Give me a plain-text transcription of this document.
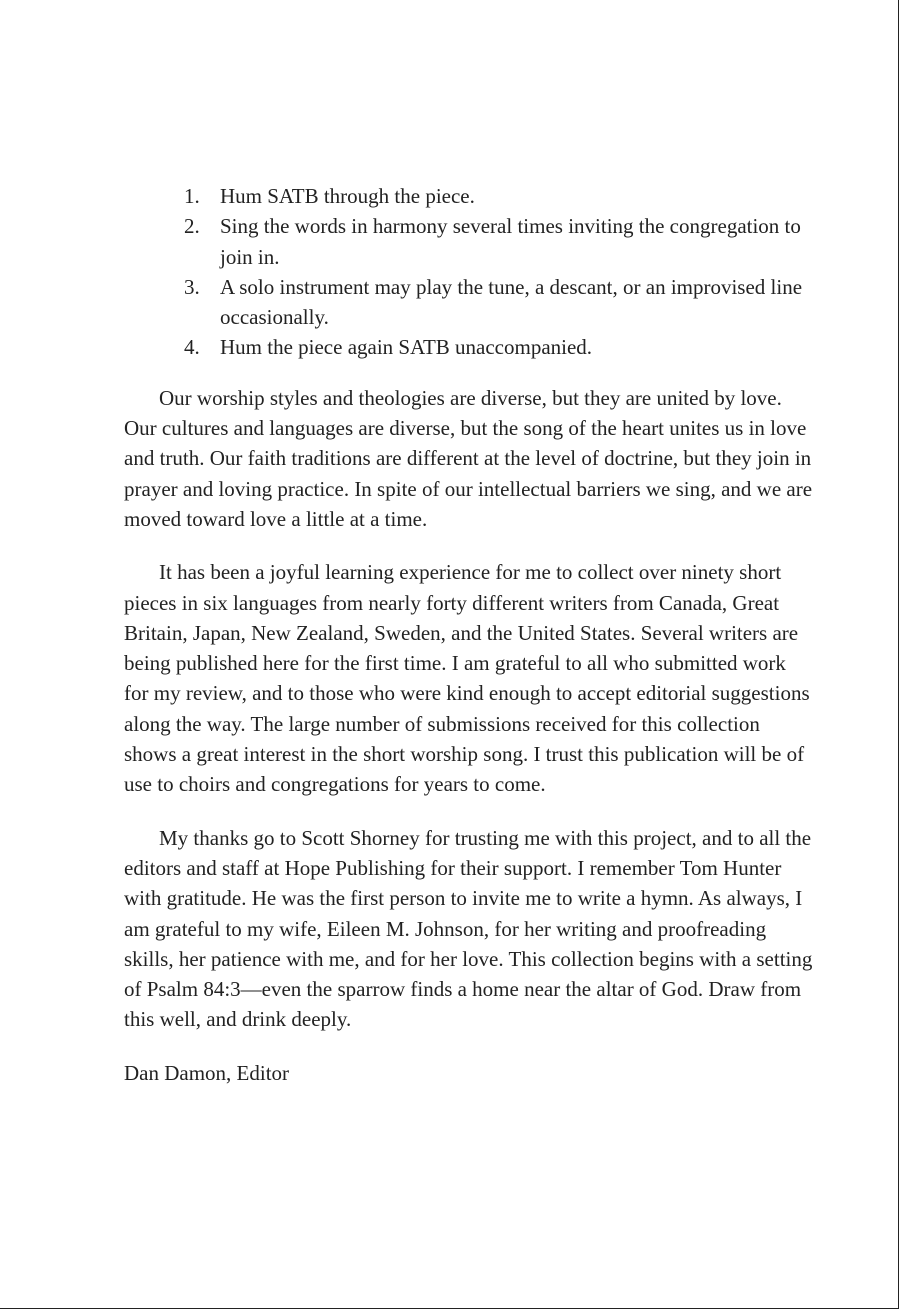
1. Hum SATB through the piece.
2. Sing the words in harmony several times inviting the congregation to join in.
3. A solo instrument may play the tune, a descant, or an improvised line occasionally.
4. Hum the piece again SATB unaccompanied.

Our worship styles and theologies are diverse, but they are united by love. Our cultures and languages are diverse, but the song of the heart unites us in love and truth. Our faith traditions are different at the level of doctrine, but they join in prayer and loving practice. In spite of our intellectual barriers we sing, and we are moved toward love a little at a time.

It has been a joyful learning experience for me to collect over ninety short pieces in six languages from nearly forty different writers from Canada, Great Britain, Japan, New Zealand, Sweden, and the United States. Several writers are being published here for the first time. I am grateful to all who submitted work for my review, and to those who were kind enough to accept editorial suggestions along the way. The large number of submissions received for this collection shows a great interest in the short worship song. I trust this publication will be of use to choirs and congregations for years to come.

My thanks go to Scott Shorney for trusting me with this project, and to all the editors and staff at Hope Publishing for their support. I remember Tom Hunter with gratitude. He was the first person to invite me to write a hymn. As always, I am grateful to my wife, Eileen M. Johnson, for her writing and proofreading skills, her patience with me, and for her love. This collection begins with a setting of Psalm 84:3—even the sparrow finds a home near the altar of God. Draw from this well, and drink deeply.

Dan Damon, Editor
